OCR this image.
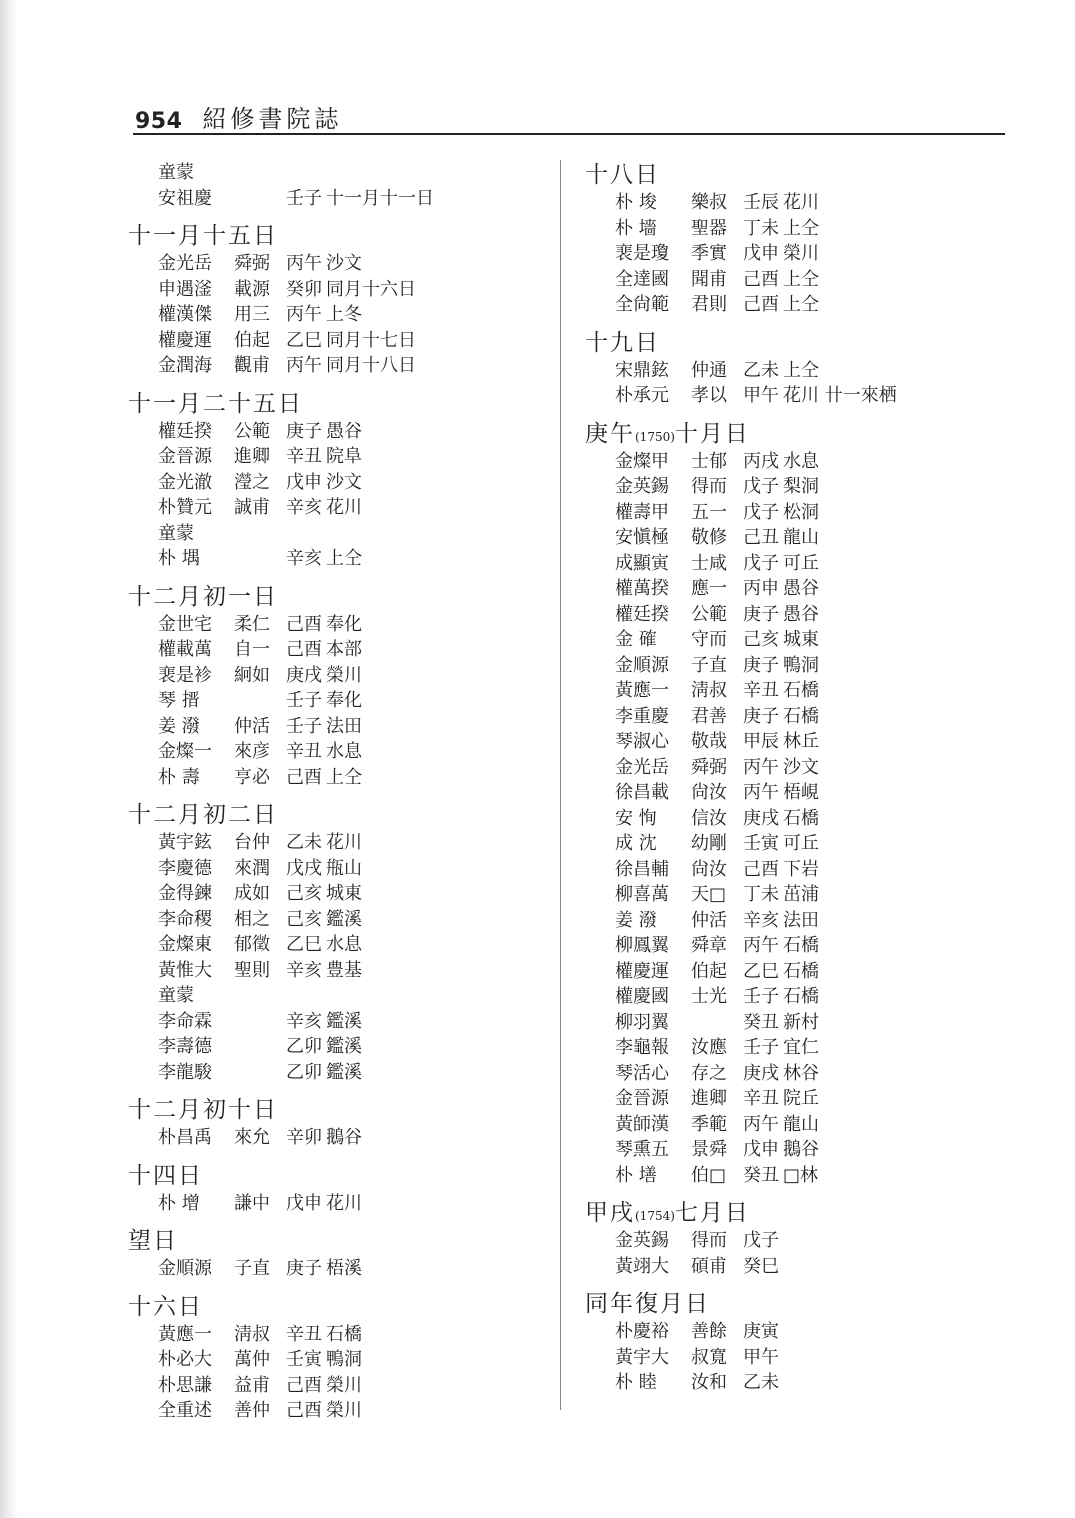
954 紹修書院誌
童蒙
安祖慶	壬子 十一月十一日
十一月十五日
金光岳 舜弼 丙午 沙文
申遇滏 載源 癸卯 同月十六日
權漢傑 用三 丙午 上冬
權慶運 伯起 乙巳 同月十七日
金潤海 觀甫 丙午 同月十八日
十一月二十五日
權廷揆 公範 庚子 愚谷
金晉源 進卿 辛丑 院阜
金光澈 瀅之 戊申 沙文
朴贊元 誠甫 辛亥 花川
童蒙
朴 堣	辛亥 上仝
十二月初一日
金世宅 柔仁 己酉 奉化
權載萬 自一 己酉 本部
裵是袗 絅如 庚戌 榮川
琴 搢	壬子 奉化
姜 潑 仲活 壬子 法田
金燦一 來彦 辛丑 水息
朴 壽 亨必 己酉 上仝
十二月初二日
黃宇鉉 台仲 乙未 花川
李慶德 來潤 戊戌 甁山
金得鍊 成如 己亥 城東
李命稷 相之 己亥 鑑溪
金燦東 郁徵 乙巳 水息
黃惟大 聖則 辛亥 豊基
童蒙
李命霖	辛亥 鑑溪
李壽德	乙卯 鑑溪
李龍駿	乙卯 鑑溪
十二月初十日
朴昌禹 來允 辛卯 鵝谷
十四日
朴 增 謙中 戊申 花川
望日
金順源 子直 庚子 梧溪
十六日
黃應一 淸叔 辛丑 石橋
朴必大 萬仲 壬寅 鴨洞
朴思謙 益甫 己酉 榮川
全重述 善仲 己酉 榮川
十八日
朴 埈 樂叔 壬辰 花川
朴 墻 聖器 丁未 上仝
裵是瓊 季實 戊申 榮川
全達國 聞甫 己酉 上仝
全尙範 君則 己酉 上仝
十九日
宋鼎鉉 仲通 乙未 上仝
朴承元 孝以 甲午 花川 卄一來栖
庚午(1750)十月日
金燦甲 士郁 丙戌 水息
金英錫 得而 戊子 梨洞
權壽甲 五一 戊子 松洞
安愼極 敬修 己丑 龍山
成顯寅 士咸 戊子 可丘
權萬揆 應一 丙申 愚谷
權廷揆 公範 庚子 愚谷
金 確 守而 己亥 城東
金順源 子直 庚子 鴨洞
黃應一 淸叔 辛丑 石橋
李重慶 君善 庚子 石橋
琴淑心 敬哉 甲辰 林丘
金光岳 舜弼 丙午 沙文
徐昌載 尙汝 丙午 梧峴
安 恂 信汝 庚戌 石橋
成 沈 幼剛 壬寅 可丘
徐昌輔 尙汝 己酉 下岩
柳喜萬 天□ 丁未 茁浦
姜 潑 仲活 辛亥 法田
柳鳳翼 舜章 丙午 石橋
權慶運 伯起 乙巳 石橋
權慶國 士光 壬子 石橋
柳羽翼	癸丑 新村
李龜報 汝應 壬子 宜仁
琴活心 存之 庚戌 林谷
金晉源 進卿 辛丑 院丘
黃師漢 季範 丙午 龍山
琴熏五 景舜 戊申 鵝谷
朴 墡 伯□ 癸丑 □林
甲戌(1754)七月日
金英錫 得而 戊子
黃翊大 碩甫 癸巳
同年復月日
朴慶裕 善餘 庚寅
黃宇大 叔寬 甲午
朴 睦 汝和 乙未
